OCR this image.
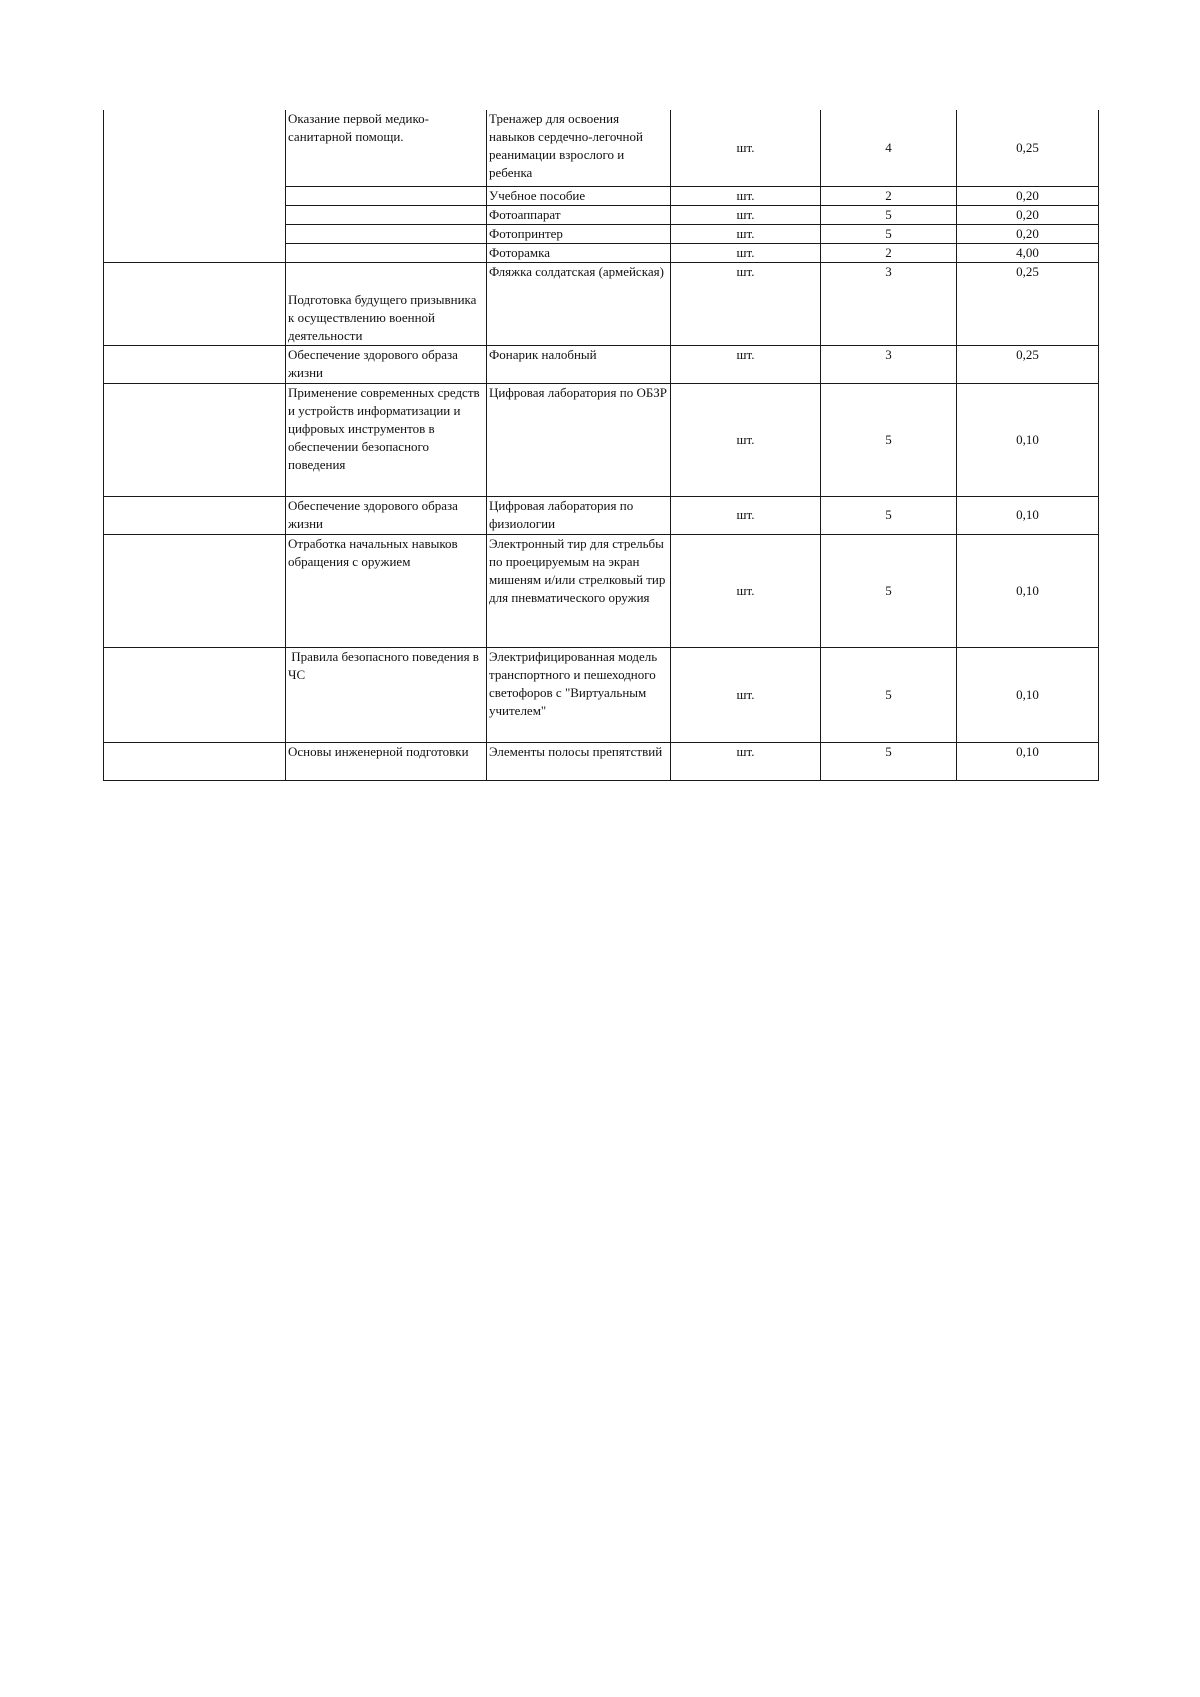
	Оказание первой медико-санитарной помощи.	Тренажер для освоения навыков сердечно-легочной реанимации взрослого и ребенка	шт.	4	0,25
		Учебное пособие	шт.	2	0,20
		Фотоаппарат	шт.	5	0,20
		Фотопринтер	шт.	5	0,20
		Фоторамка	шт.	2	4,00
	Подготовка будущего призывника к осуществлению военной деятельности	Фляжка солдатская (армейская)	шт.	3	0,25
	Обеспечение здорового образа жизни	Фонарик налобный	шт.	3	0,25
	Применение современных средств и устройств информатизации и цифровых инструментов в обеспечении безопасного поведения	Цифровая лаборатория по ОБЗР	шт.	5	0,10
	Обеспечение здорового образа жизни	Цифровая лаборатория по физиологии	шт.	5	0,10
	Отработка начальных навыков обращения с оружием	Электронный тир для стрельбы по проецируемым на экран мишеням и/или стрелковый тир для пневматического оружия	шт.	5	0,10
	Правила безопасного поведения в ЧС	Электрифицированная модель транспортного и пешеходного светофоров с "Виртуальным учителем"	шт.	5	0,10
	Основы инженерной подготовки	Элементы полосы препятствий	шт.	5	0,10
